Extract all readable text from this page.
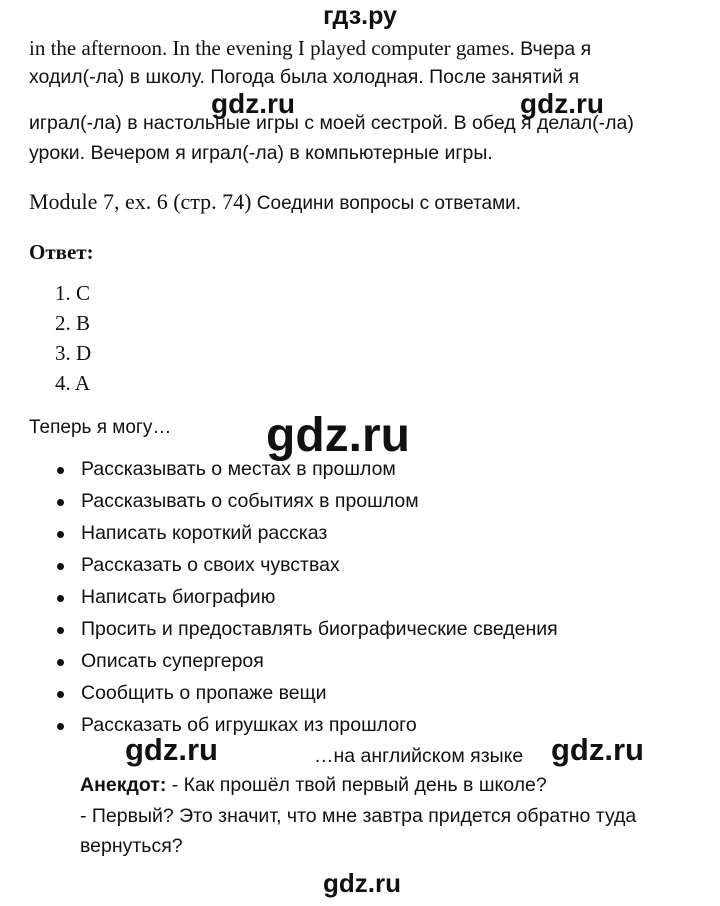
гдз.ру
in the afternoon. In the evening I played computer games. Вчера я
ходил(-ла) в школу. Погода была холодная. После занятий я
играл(-ла) в настольные игры с моей сестрой. В обед я делал(-ла)
уроки. Вечером я играл(-ла) в компьютерные игры.
Module 7, ex. 6 (стр. 74) Соедини вопросы с ответами.
Ответ:
1. C
2. B
3. D
4. A
Теперь я могу…
Рассказывать о местах в прошлом
Рассказывать о событиях в прошлом
Написать короткий рассказ
Рассказать о своих чувствах
Написать биографию
Просить и предоставлять биографические сведения
Описать супергероя
Сообщить о пропаже вещи
Рассказать об игрушках из прошлого
…на английском языке
Анекдот: - Как прошёл твой первый день в школе?
- Первый? Это значит, что мне завтра придется обратно туда
вернуться?
gdz.ru	gdz.ru
gdz.ru
gdz.ru	gdz.ru
gdz.ru
